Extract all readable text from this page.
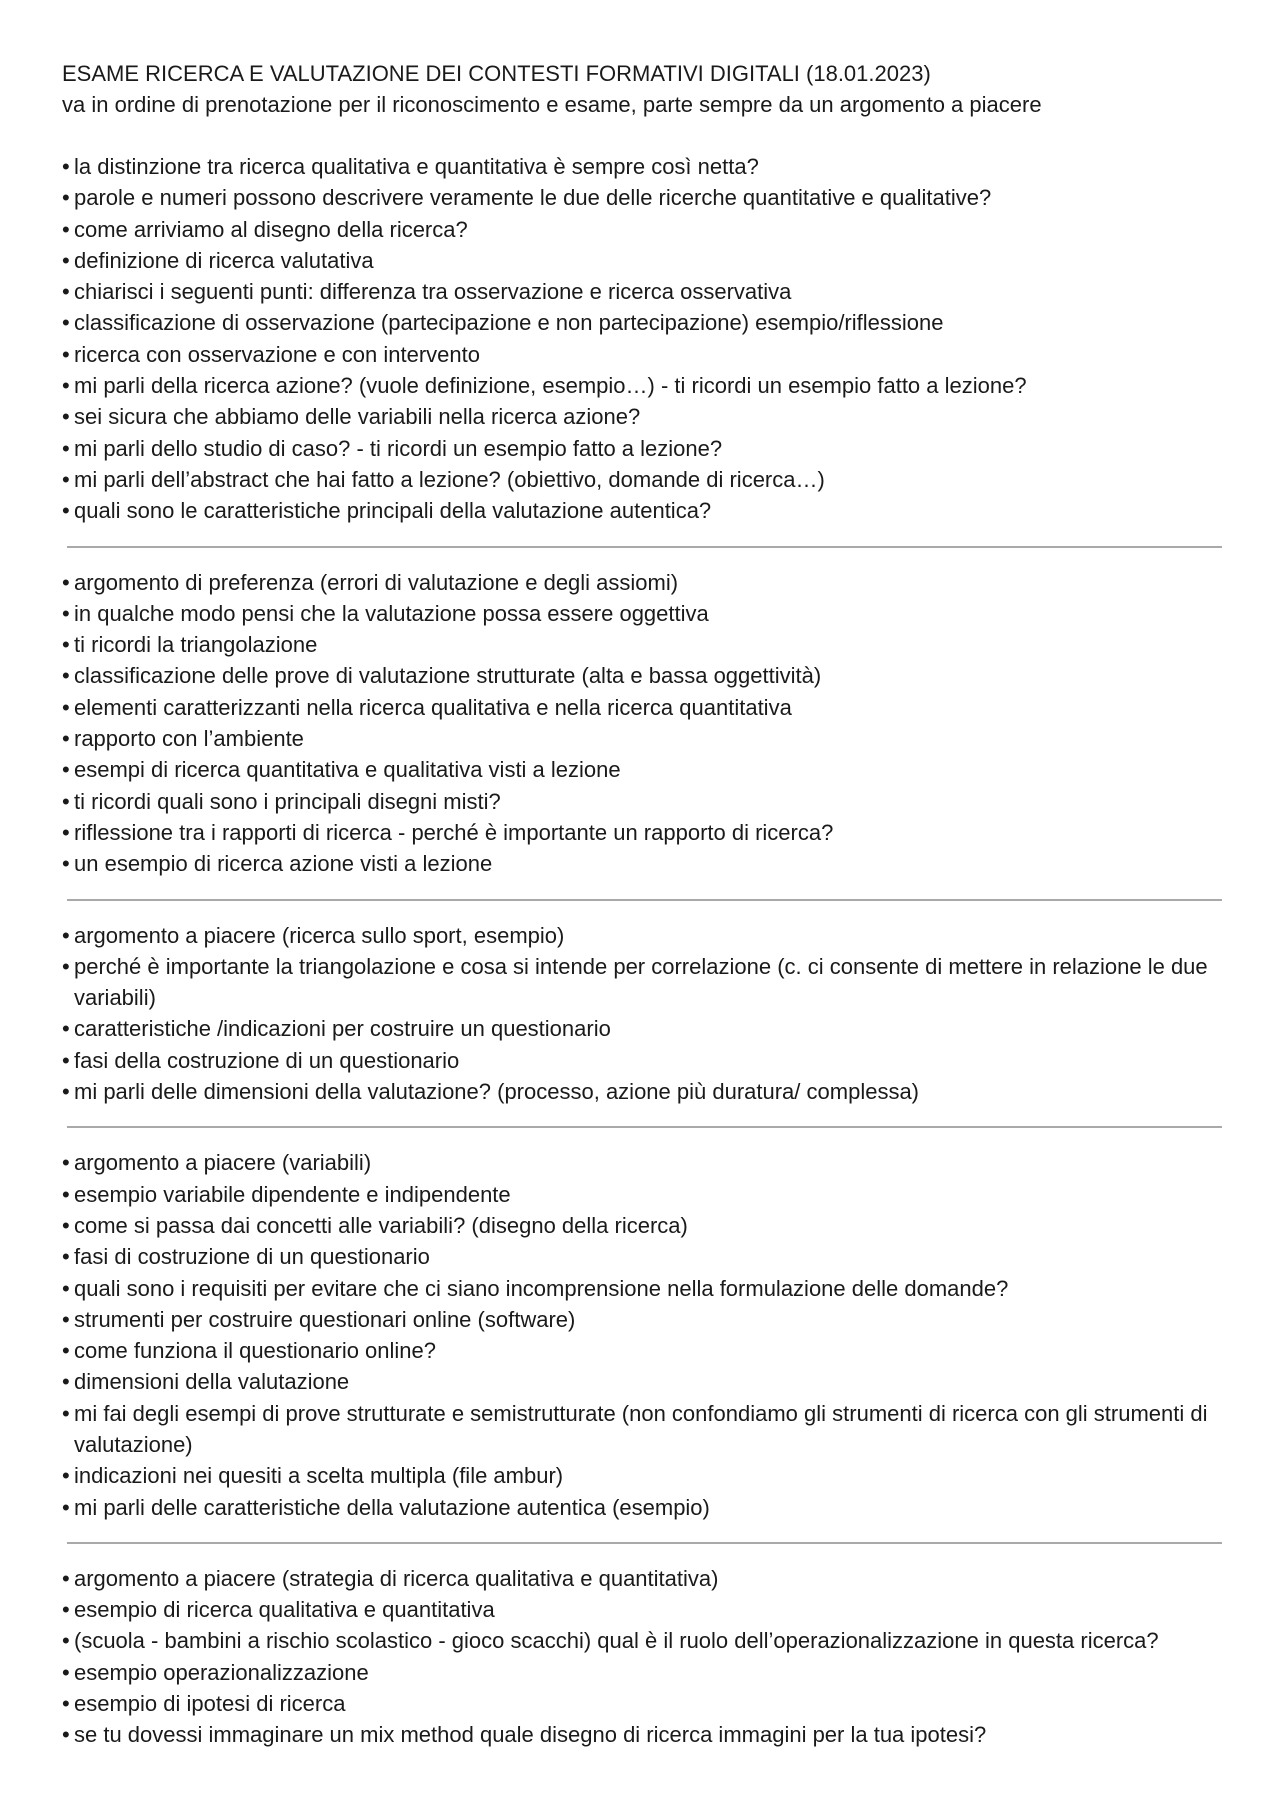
ESAME RICERCA E VALUTAZIONE DEI CONTESTI FORMATIVI DIGITALI (18.01.2023)
va in ordine di prenotazione per il riconoscimento e esame, parte sempre da un argomento a piacere
• la distinzione tra ricerca qualitativa e quantitativa è sempre così netta?
• parole e numeri possono descrivere veramente le due delle ricerche quantitative e qualitative?
• come arriviamo al disegno della ricerca?
• definizione di ricerca valutativa
• chiarisci i seguenti punti: differenza tra osservazione e ricerca osservativa
• classificazione di osservazione (partecipazione e non partecipazione) esempio/riflessione
• ricerca con osservazione e con intervento
• mi parli della ricerca azione? (vuole definizione, esempio…) - ti ricordi un esempio fatto a lezione?
• sei sicura che abbiamo delle variabili nella ricerca azione?
• mi parli dello studio di caso? - ti ricordi un esempio fatto a lezione?
• mi parli dell’abstract che hai fatto a lezione? (obiettivo, domande di ricerca…)
• quali sono le caratteristiche principali della valutazione autentica?
• argomento di preferenza (errori di valutazione e degli assiomi)
• in qualche modo pensi che la valutazione possa essere oggettiva
• ti ricordi la triangolazione
• classificazione delle prove di valutazione strutturate (alta e bassa oggettività)
• elementi caratterizzanti nella ricerca qualitativa e nella ricerca quantitativa
• rapporto con l’ambiente
• esempi di ricerca quantitativa e qualitativa visti a lezione
• ti ricordi quali sono i principali disegni misti?
• riflessione tra i rapporti di ricerca - perché è importante un rapporto di ricerca?
• un esempio di ricerca azione visti a lezione
• argomento a piacere (ricerca sullo sport, esempio)
• perché è importante la triangolazione e cosa si intende per correlazione (c. ci consente di mettere in relazione le due variabili)
• caratteristiche /indicazioni per costruire un questionario
• fasi della costruzione di un questionario
• mi parli delle dimensioni della valutazione? (processo, azione più duratura/ complessa)
• argomento a piacere (variabili)
• esempio variabile dipendente e indipendente
• come si passa dai concetti alle variabili? (disegno della ricerca)
• fasi di costruzione di un questionario
• quali sono i requisiti per evitare che ci siano incomprensione nella formulazione delle domande?
• strumenti per costruire questionari online (software)
• come funziona il questionario online?
• dimensioni della valutazione
• mi fai degli esempi di prove strutturate e semistrutturate (non confondiamo gli strumenti di ricerca con gli strumenti di valutazione)
• indicazioni nei quesiti a scelta multipla (file ambur)
• mi parli delle caratteristiche della valutazione autentica (esempio)
• argomento a piacere (strategia di ricerca qualitativa e quantitativa)
• esempio di ricerca qualitativa e quantitativa
• (scuola - bambini a rischio scolastico - gioco scacchi) qual è il ruolo dell’operazionalizzazione in questa ricerca?
• esempio operazionalizzazione
• esempio di ipotesi di ricerca
• se tu dovessi immaginare un mix method quale disegno di ricerca immagini per la tua ipotesi?
